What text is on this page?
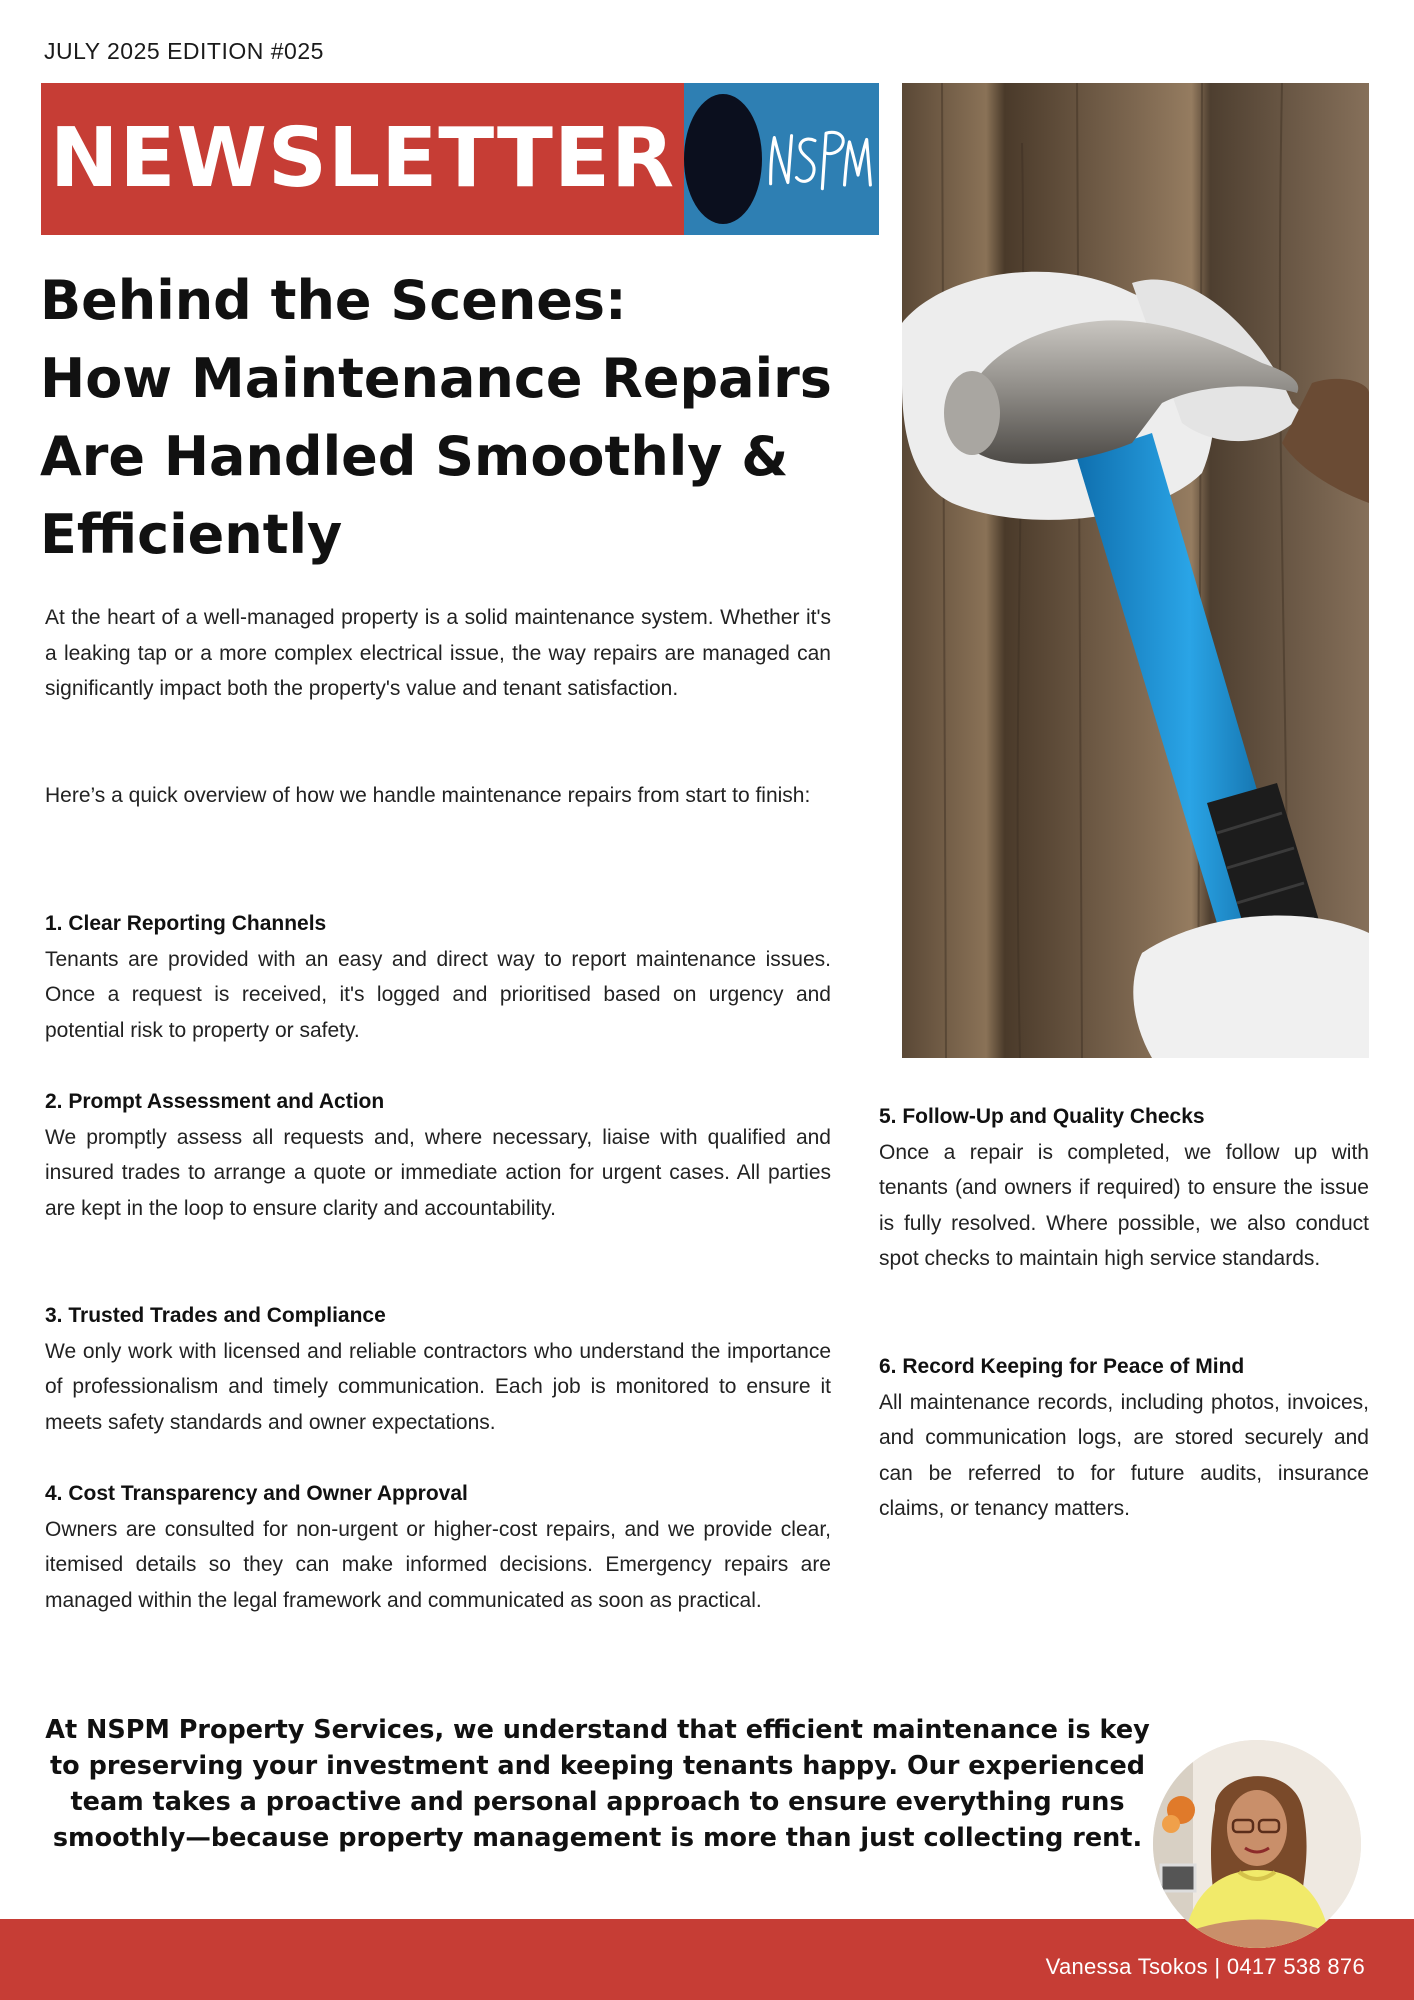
JULY 2025 EDITION #025
NEWSLETTER
Behind the Scenes:
How Maintenance Repairs
Are Handled Smoothly &
Efficiently

At the heart of a well-managed property is a solid maintenance system. Whether it's a leaking tap or a more complex electrical issue, the way repairs are managed can significantly impact both the property's value and tenant satisfaction.

Here’s a quick overview of how we handle maintenance repairs from start to finish:

1. Clear Reporting Channels
Tenants are provided with an easy and direct way to report maintenance issues. Once a request is received, it's logged and prioritised based on urgency and potential risk to property or safety.
2. Prompt Assessment and Action
We promptly assess all requests and, where necessary, liaise with qualified and insured trades to arrange a quote or immediate action for urgent cases. All parties are kept in the loop to ensure clarity and accountability.
3. Trusted Trades and Compliance
We only work with licensed and reliable contractors who understand the importance of professionalism and timely communication. Each job is monitored to ensure it meets safety standards and owner expectations.
4. Cost Transparency and Owner Approval
Owners are consulted for non-urgent or higher-cost repairs, and we provide clear, itemised details so they can make informed decisions. Emergency repairs are managed within the legal framework and communicated as soon as practical.
5. Follow-Up and Quality Checks
Once a repair is completed, we follow up with tenants (and owners if required) to ensure the issue is fully resolved. Where possible, we also conduct spot checks to maintain high service standards.
6. Record Keeping for Peace of Mind
All maintenance records, including photos, invoices, and communication logs, are stored securely and can be referred to for future audits, insurance claims, or tenancy matters.

At NSPM Property Services, we understand that efficient maintenance is key to preserving your investment and keeping tenants happy. Our experienced team takes a proactive and personal approach to ensure everything runs smoothly—because property management is more than just collecting rent.

Vanessa Tsokos | 0417 538 876
